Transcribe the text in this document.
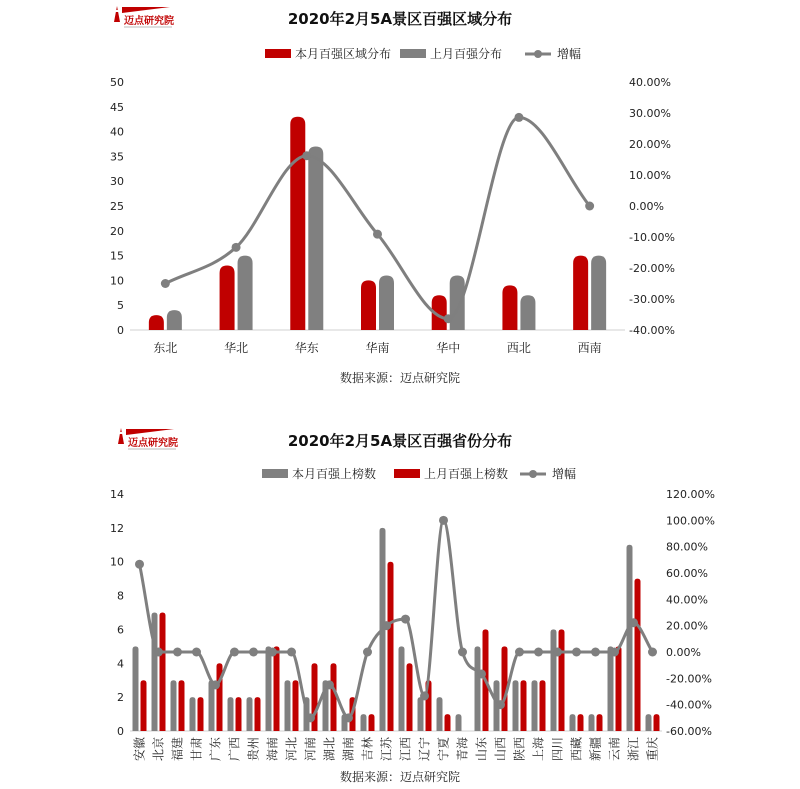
2020年2月5A景区百强区域分布
本月百强区域分布	上月百强分布	增幅
0
5
10
15
20
25
30
35
40
45
50
-40.00%
-30.00%
-20.00%
-10.00%
0.00%
10.00%
20.00%
30.00%
40.00%
东北	华北	华东	华南	华中	西北	西南
数据来源：迈点研究院
迈点研究院
2020年2月5A景区百强省份分布
本月百强上榜数	上月百强上榜数	增幅
0
2
4
6
8
10
12
14
-60.00%
-40.00%
-20.00%
0.00%
20.00%
40.00%
60.00%
80.00%
100.00%
120.00%
安徽 北京 福建 甘肃 广东 广西 贵州 海南 河北 河南 湖北 湖南 吉林 江苏 江西 辽宁 宁夏 青海 山东 山西 陕西 上海 四川 西藏 新疆 云南 浙江 重庆
数据来源：迈点研究院
迈点研究院
